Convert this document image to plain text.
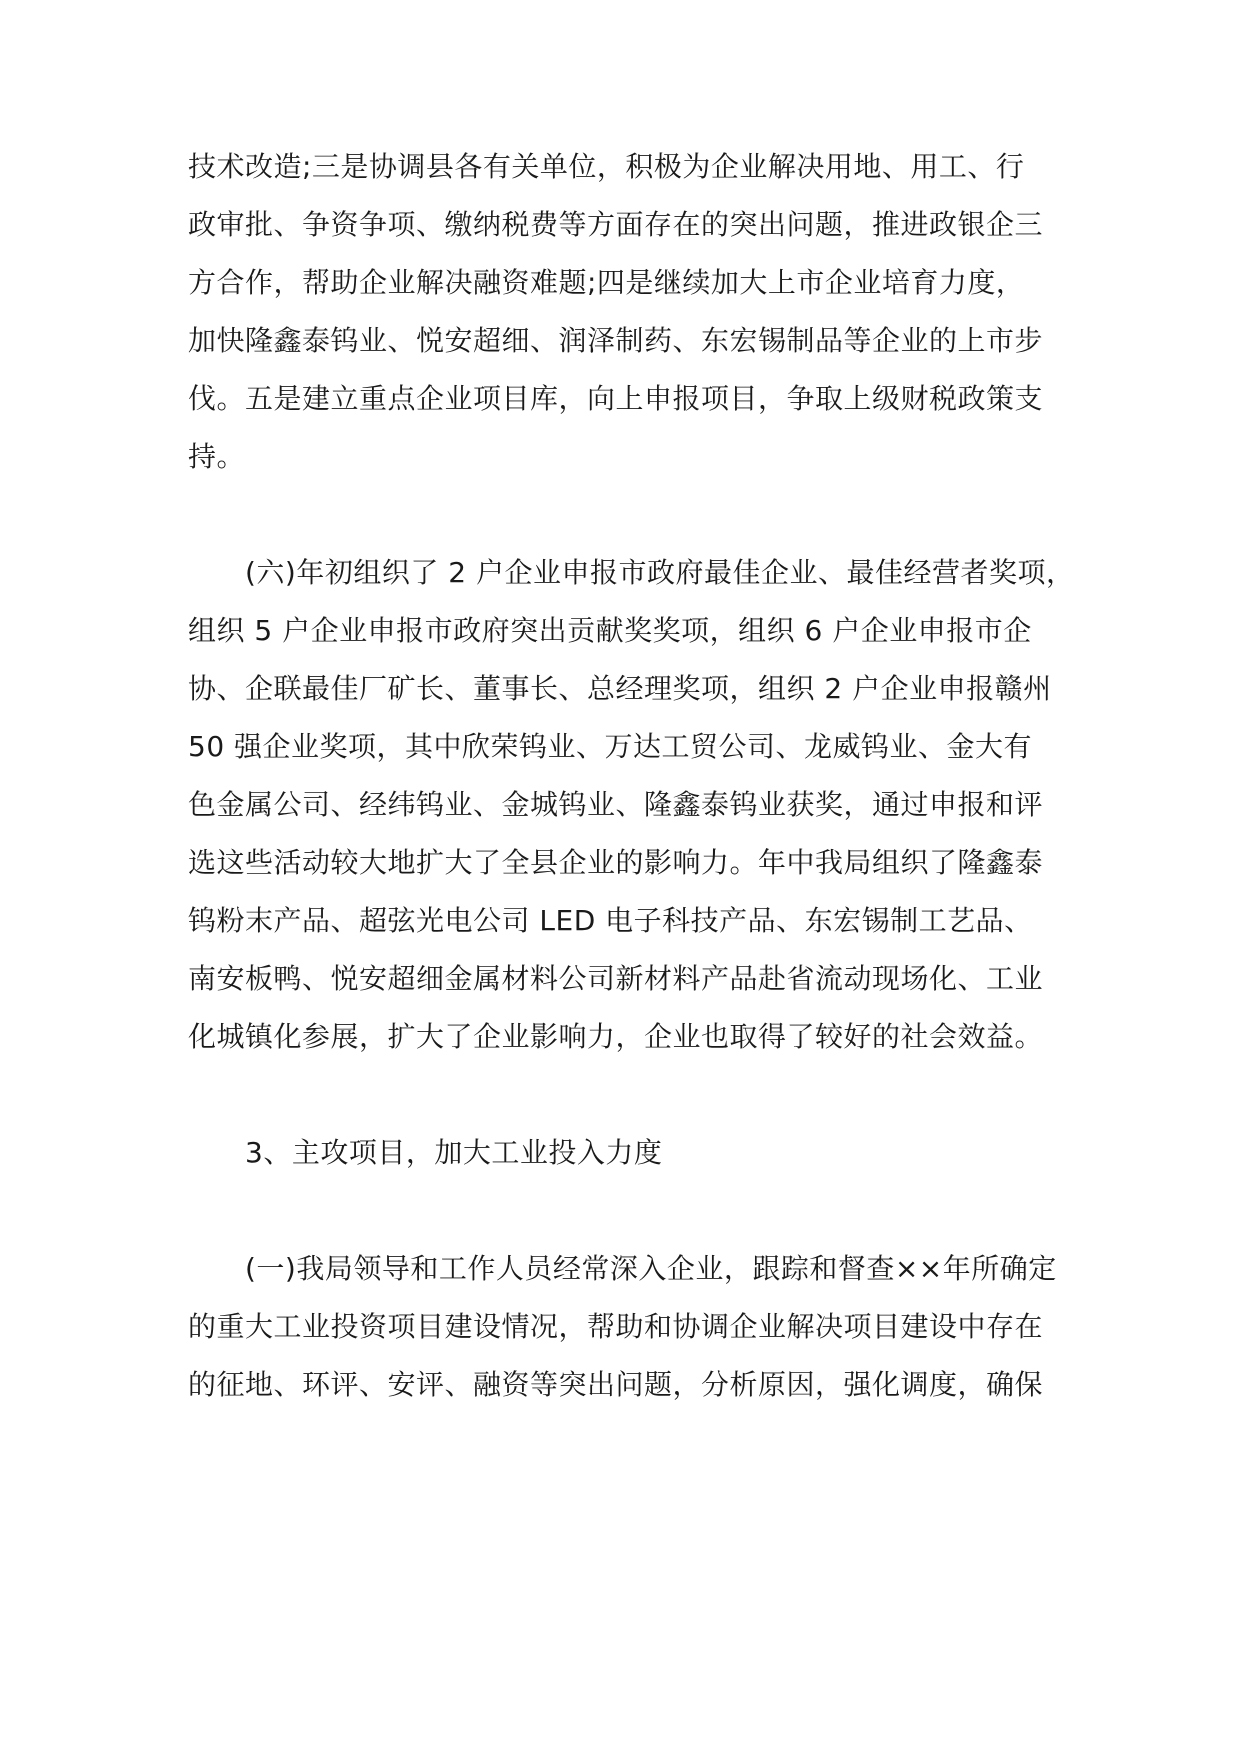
技术改造;三是协调县各有关单位，积极为企业解决用地、用工、行
政审批、争资争项、缴纳税费等方面存在的突出问题，推进政银企三
方合作，帮助企业解决融资难题;四是继续加大上市企业培育力度，
加快隆鑫泰钨业、悦安超细、润泽制药、东宏锡制品等企业的上市步
伐。五是建立重点企业项目库，向上申报项目，争取上级财税政策支
持。
(六)年初组织了 2 户企业申报市政府最佳企业、最佳经营者奖项，
组织 5 户企业申报市政府突出贡献奖奖项，组织 6 户企业申报市企
协、企联最佳厂矿长、董事长、总经理奖项，组织 2 户企业申报赣州
50 强企业奖项，其中欣荣钨业、万达工贸公司、龙威钨业、金大有
色金属公司、经纬钨业、金城钨业、隆鑫泰钨业获奖，通过申报和评
选这些活动较大地扩大了全县企业的影响力。年中我局组织了隆鑫泰
钨粉末产品、超弦光电公司 LED 电子科技产品、东宏锡制工艺品、
南安板鸭、悦安超细金属材料公司新材料产品赴省流动现场化、工业
化城镇化参展，扩大了企业影响力，企业也取得了较好的社会效益。
3、主攻项目，加大工业投入力度
(一)我局领导和工作人员经常深入企业，跟踪和督查××年所确定
的重大工业投资项目建设情况，帮助和协调企业解决项目建设中存在
的征地、环评、安评、融资等突出问题，分析原因，强化调度，确保
